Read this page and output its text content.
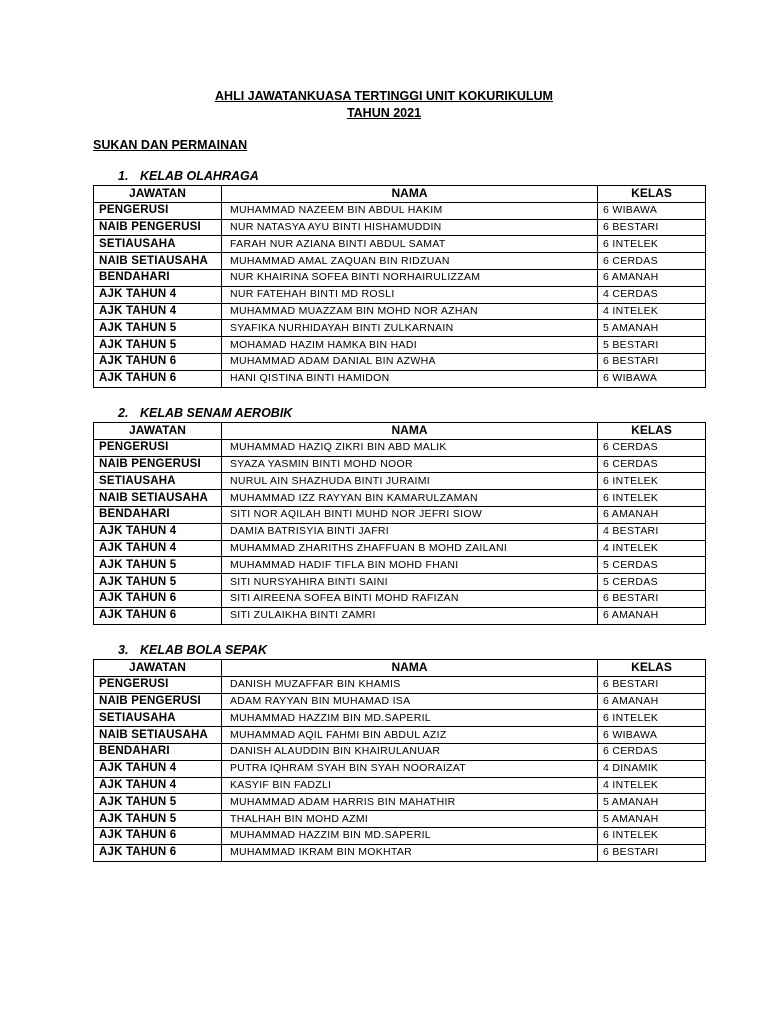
AHLI JAWATANKUASA TERTINGGI UNIT KOKURIKULUM
TAHUN 2021
SUKAN DAN PERMAINAN
1. KELAB OLAHRAGA
JAWATAN	NAMA	KELAS
PENGERUSI	MUHAMMAD NAZEEM BIN ABDUL HAKIM	6 WIBAWA
NAIB PENGERUSI	NUR NATASYA AYU BINTI HISHAMUDDIN	6 BESTARI
SETIAUSAHA	FARAH NUR AZIANA BINTI ABDUL SAMAT	6 INTELEK
NAIB SETIAUSAHA	MUHAMMAD AMAL ZAQUAN BIN RIDZUAN	6 CERDAS
BENDAHARI	NUR KHAIRINA SOFEA BINTI NORHAIRULIZZAM	6 AMANAH
AJK TAHUN 4	NUR FATEHAH BINTI MD ROSLI	4 CERDAS
AJK TAHUN 4	MUHAMMAD MUAZZAM BIN MOHD NOR AZHAN	4 INTELEK
AJK TAHUN 5	SYAFIKA NURHIDAYAH BINTI ZULKARNAIN	5 AMANAH
AJK TAHUN 5	MOHAMAD HAZIM HAMKA BIN HADI	5 BESTARI
AJK TAHUN 6	MUHAMMAD ADAM DANIAL BIN AZWHA	6 BESTARI
AJK TAHUN 6	HANI QISTINA BINTI HAMIDON	6 WIBAWA
2. KELAB SENAM AEROBIK
JAWATAN	NAMA	KELAS
PENGERUSI	MUHAMMAD HAZIQ ZIKRI BIN ABD MALIK	6 CERDAS
NAIB PENGERUSI	SYAZA YASMIN BINTI MOHD NOOR	6 CERDAS
SETIAUSAHA	NURUL AIN SHAZHUDA BINTI JURAIMI	6 INTELEK
NAIB SETIAUSAHA	MUHAMMAD IZZ RAYYAN BIN KAMARULZAMAN	6 INTELEK
BENDAHARI	SITI NOR AQILAH BINTI MUHD NOR JEFRI SIOW	6 AMANAH
AJK TAHUN 4	DAMIA BATRISYIA BINTI JAFRI	4 BESTARI
AJK TAHUN 4	MUHAMMAD ZHARITHS ZHAFFUAN B MOHD ZAILANI	4 INTELEK
AJK TAHUN 5	MUHAMMAD HADIF TIFLA BIN MOHD FHANI	5 CERDAS
AJK TAHUN 5	SITI NURSYAHIRA BINTI SAINI	5 CERDAS
AJK TAHUN 6	SITI AIREENA SOFEA BINTI MOHD RAFIZAN	6 BESTARI
AJK TAHUN 6	SITI ZULAIKHA BINTI ZAMRI	6 AMANAH
3. KELAB BOLA SEPAK
JAWATAN	NAMA	KELAS
PENGERUSI	DANISH MUZAFFAR BIN KHAMIS	6 BESTARI
NAIB PENGERUSI	ADAM RAYYAN BIN MUHAMAD ISA	6 AMANAH
SETIAUSAHA	MUHAMMAD HAZZIM BIN MD.SAPERIL	6 INTELEK
NAIB SETIAUSAHA	MUHAMMAD AQIL FAHMI BIN ABDUL AZIZ	6 WIBAWA
BENDAHARI	DANISH ALAUDDIN BIN KHAIRULANUAR	6 CERDAS
AJK TAHUN 4	PUTRA IQHRAM SYAH BIN SYAH NOORAIZAT	4 DINAMIK
AJK TAHUN 4	KASYIF BIN FADZLI	4 INTELEK
AJK TAHUN 5	MUHAMMAD ADAM HARRIS BIN MAHATHIR	5 AMANAH
AJK TAHUN 5	THALHAH BIN MOHD AZMI	5 AMANAH
AJK TAHUN 6	MUHAMMAD HAZZIM BIN MD.SAPERIL	6 INTELEK
AJK TAHUN 6	MUHAMMAD IKRAM BIN MOKHTAR	6 BESTARI
